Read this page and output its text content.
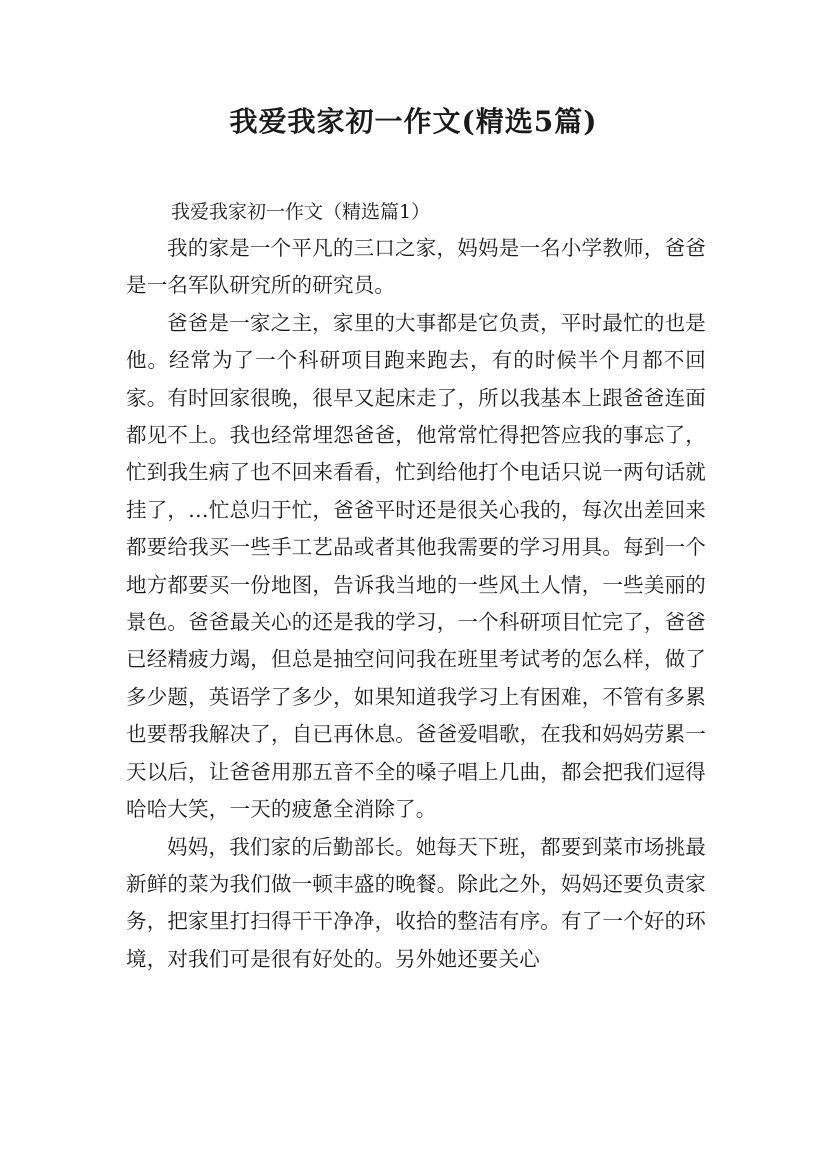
我爱我家初一作文(精选5篇)
我爱我家初一作文（精选篇1）

我的家是一个平凡的三口之家，妈妈是一名小学教师，爸爸是一名军队研究所的研究员。

爸爸是一家之主，家里的大事都是它负责，平时最忙的也是他。经常为了一个科研项目跑来跑去，有的时候半个月都不回家。有时回家很晚，很早又起床走了，所以我基本上跟爸爸连面都见不上。我也经常埋怨爸爸，他常常忙得把答应我的事忘了，忙到我生病了也不回来看看，忙到给他打个电话只说一两句话就挂了，…忙总归于忙，爸爸平时还是很关心我的，每次出差回来都要给我买一些手工艺品或者其他我需要的学习用具。每到一个地方都要买一份地图，告诉我当地的一些风土人情，一些美丽的景色。爸爸最关心的还是我的学习，一个科研项目忙完了，爸爸已经精疲力竭，但总是抽空问问我在班里考试考的怎么样，做了多少题，英语学了多少，如果知道我学习上有困难，不管有多累也要帮我解决了，自已再休息。爸爸爱唱歌，在我和妈妈劳累一天以后，让爸爸用那五音不全的嗓子唱上几曲，都会把我们逗得哈哈大笑，一天的疲惫全消除了。

妈妈，我们家的后勤部长。她每天下班，都要到菜市场挑最新鲜的菜为我们做一顿丰盛的晚餐。除此之外，妈妈还要负责家务，把家里打扫得干干净净，收拾的整洁有序。有了一个好的环境，对我们可是很有好处的。另外她还要关心
